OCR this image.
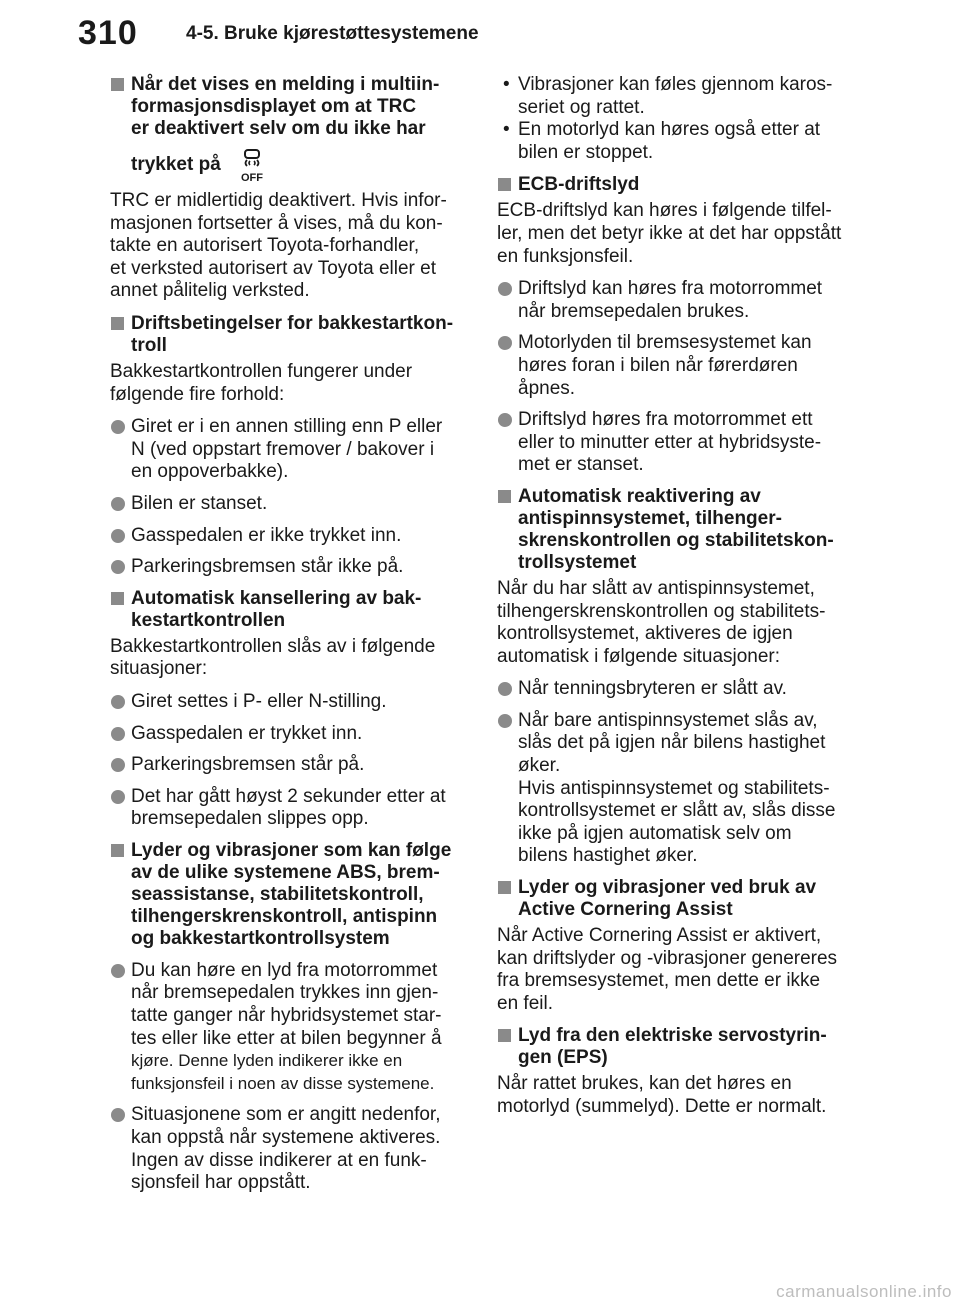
310	4-5. Bruke kjørestøttesystemene
Når det vises en melding i multiin-
formasjonsdisplayet om at TRC
er deaktivert selv om du ikke har
trykket på
OFF
TRC er midlertidig deaktivert. Hvis infor-
masjonen fortsetter å vises, må du kon-
takte en autorisert Toyota-forhandler,
et verksted autorisert av Toyota eller et
annet pålitelig verksted.
Driftsbetingelser for bakkestartkon-
troll
Bakkestartkontrollen fungerer under
følgende fire forhold:
Giret er i en annen stilling enn P eller
N (ved oppstart fremover / bakover i
en oppoverbakke).
Bilen er stanset.
Gasspedalen er ikke trykket inn.
Parkeringsbremsen står ikke på.
Automatisk kansellering av bak-
kestartkontrollen
Bakkestartkontrollen slås av i følgende
situasjoner:
Giret settes i P- eller N-stilling.
Gasspedalen er trykket inn.
Parkeringsbremsen står på.
Det har gått høyst 2 sekunder etter at
bremsepedalen slippes opp.
Lyder og vibrasjoner som kan følge
av de ulike systemene ABS, brem-
seassistanse, stabilitetskontroll,
tilhengerskrenskontroll, antispinn
og bakkestartkontrollsystem
Du kan høre en lyd fra motorrommet
når bremsepedalen trykkes inn gjen-
tatte ganger når hybridsystemet star-
tes eller like etter at bilen begynner å
kjøre. Denne lyden indikerer ikke en
funksjonsfeil i noen av disse systemene.
Situasjonene som er angitt nedenfor,
kan oppstå når systemene aktiveres.
Ingen av disse indikerer at en funk-
sjonsfeil har oppstått.
• Vibrasjoner kan føles gjennom karos-
seriet og rattet.
• En motorlyd kan høres også etter at
bilen er stoppet.
ECB-driftslyd
ECB-driftslyd kan høres i følgende tilfel-
ler, men det betyr ikke at det har oppstått
en funksjonsfeil.
Driftslyd kan høres fra motorrommet
når bremsepedalen brukes.
Motorlyden til bremsesystemet kan
høres foran i bilen når førerdøren
åpnes.
Driftslyd høres fra motorrommet ett
eller to minutter etter at hybridsyste-
met er stanset.
Automatisk reaktivering av
antispinnsystemet, tilhenger-
skrenskontrollen og stabilitetskon-
trollsystemet
Når du har slått av antispinnsystemet,
tilhengerskrenskontrollen og stabilitets-
kontrollsystemet, aktiveres de igjen
automatisk i følgende situasjoner:
Når tenningsbryteren er slått av.
Når bare antispinnsystemet slås av,
slås det på igjen når bilens hastighet
øker.
Hvis antispinnsystemet og stabilitets-
kontrollsystemet er slått av, slås disse
ikke på igjen automatisk selv om
bilens hastighet øker.
Lyder og vibrasjoner ved bruk av
Active Cornering Assist
Når Active Cornering Assist er aktivert,
kan driftslyder og -vibrasjoner genereres
fra bremsesystemet, men dette er ikke
en feil.
Lyd fra den elektriske servostyrin-
gen (EPS)
Når rattet brukes, kan det høres en
motorlyd (summelyd). Dette er normalt.
carmanualsonline.info
